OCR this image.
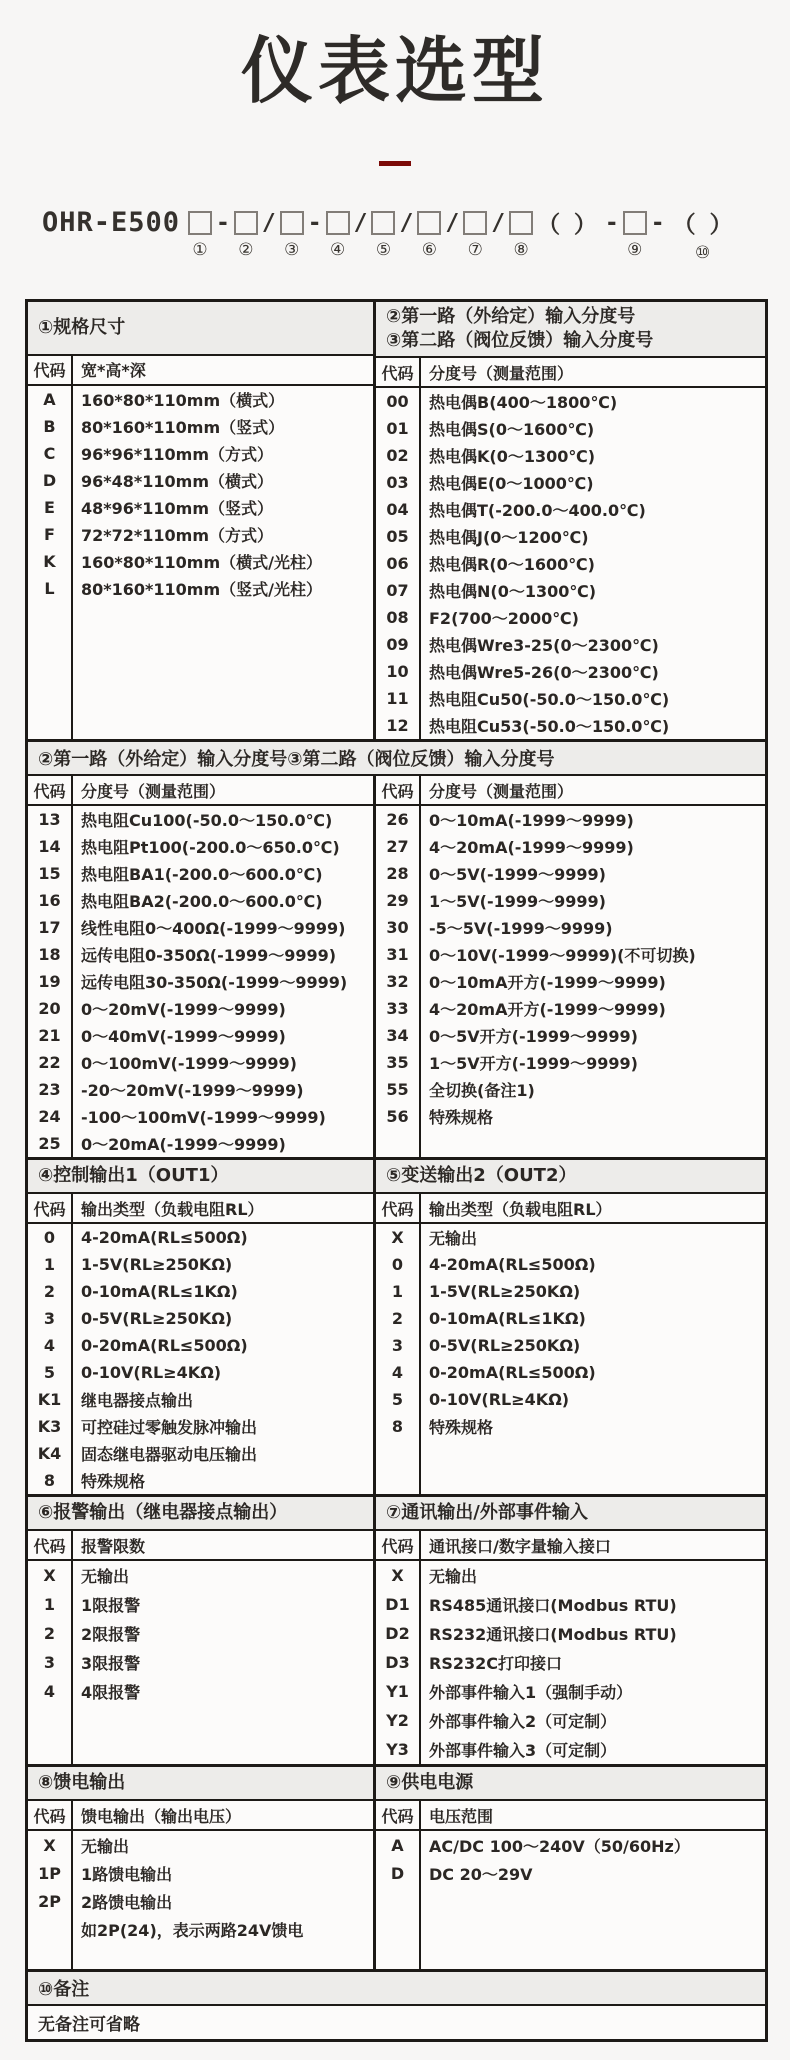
仪表选型
OHR-E500
①
-
②
/
③
-
④
/
⑤
/
⑥
/
⑦
/
⑧
（ ） -
⑨
- （ ）
⑩
①规格尺寸
代码 宽*高*深
A	160*80*110mm（横式）
B	80*160*110mm（竖式）
C	96*96*110mm（方式）
D	96*48*110mm（横式）
E	48*96*110mm（竖式）
F	72*72*110mm（方式）
K	160*80*110mm（横式/光柱）
L	80*160*110mm（竖式/光柱）
②第一路（外给定）输入分度号
③第二路（阀位反馈）输入分度号
代码 分度号（测量范围）
00	热电偶B(400～1800℃)
01	热电偶S(0～1600℃)
02	热电偶K(0～1300℃)
03	热电偶E(0～1000℃)
04	热电偶T(-200.0～400.0℃)
05	热电偶J(0～1200℃)
06	热电偶R(0～1600℃)
07	热电偶N(0～1300℃)
08	F2(700～2000℃)
09	热电偶Wre3-25(0～2300℃)
10	热电偶Wre5-26(0～2300℃)
11	热电阻Cu50(-50.0～150.0℃)
12	热电阻Cu53(-50.0～150.0℃)
②第一路（外给定）输入分度号③第二路（阀位反馈）输入分度号
代码 分度号（测量范围）
13	热电阻Cu100(-50.0～150.0℃)
14	热电阻Pt100(-200.0～650.0℃)
15	热电阻BA1(-200.0～600.0℃)
16	热电阻BA2(-200.0～600.0℃)
17	线性电阻0～400Ω(-1999～9999)
18	远传电阻0-350Ω(-1999～9999)
19	远传电阻30-350Ω(-1999～9999)
20	0～20mV(-1999～9999)
21	0～40mV(-1999～9999)
22	0～100mV(-1999～9999)
23	-20～20mV(-1999～9999)
24	-100～100mV(-1999～9999)
25	0～20mA(-1999～9999)
代码 分度号（测量范围）
26	0～10mA(-1999～9999)
27	4～20mA(-1999～9999)
28	0～5V(-1999～9999)
29	1～5V(-1999～9999)
30	-5～5V(-1999～9999)
31	0～10V(-1999～9999)(不可切换)
32	0～10mA开方(-1999～9999)
33	4～20mA开方(-1999～9999)
34	0～5V开方(-1999～9999)
35	1～5V开方(-1999～9999)
55	全切换(备注1)
56	特殊规格
④控制输出1（OUT1）
代码 输出类型（负载电阻RL）
0	4-20mA(RL≤500Ω)
1	1-5V(RL≥250KΩ)
2	0-10mA(RL≤1KΩ)
3	0-5V(RL≥250KΩ)
4	0-20mA(RL≤500Ω)
5	0-10V(RL≥4KΩ)
K1	继电器接点输出
K3	可控硅过零触发脉冲输出
K4	固态继电器驱动电压输出
8	特殊规格
⑤变送输出2（OUT2）
代码 输出类型（负载电阻RL）
X	无输出
0	4-20mA(RL≤500Ω)
1	1-5V(RL≥250KΩ)
2	0-10mA(RL≤1KΩ)
3	0-5V(RL≥250KΩ)
4	0-20mA(RL≤500Ω)
5	0-10V(RL≥4KΩ)
8	特殊规格
⑥报警输出（继电器接点输出）
代码 报警限数
X	无输出
1	1限报警
2	2限报警
3	3限报警
4	4限报警
⑦通讯输出/外部事件输入
代码 通讯接口/数字量输入接口
X	无输出
D1	RS485通讯接口(Modbus RTU)
D2	RS232通讯接口(Modbus RTU)
D3	RS232C打印接口
Y1	外部事件输入1（强制手动）
Y2	外部事件输入2（可定制）
Y3	外部事件输入3（可定制）
⑧馈电输出
代码 馈电输出（输出电压）
X	无输出
1P	1路馈电输出
2P	2路馈电输出
如2P(24)，表示两路24V馈电
⑨供电电源
代码 电压范围
A	AC/DC 100～240V（50/60Hz）
D	DC 20～29V
⑩备注
无备注可省略
